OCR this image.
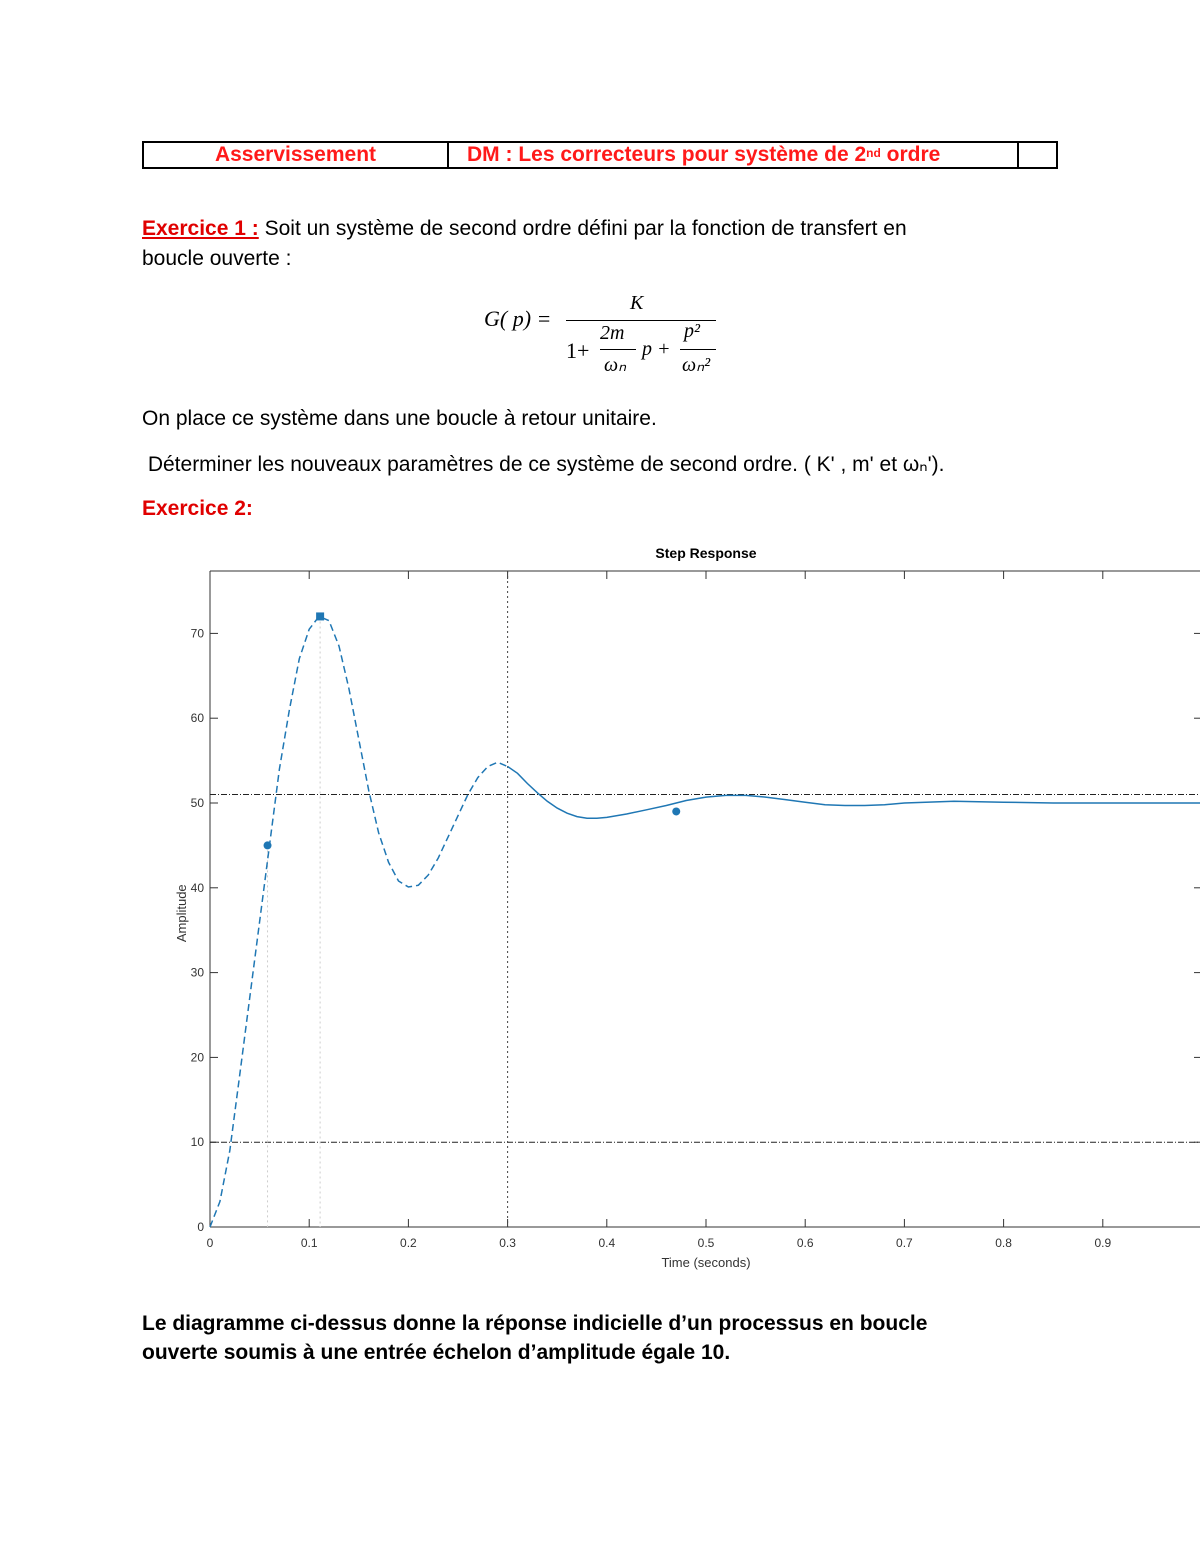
Asservissement	DM : Les correcteurs pour système de 2nd ordre
Exercice 1 : Soit un système de second ordre défini par la fonction de transfert en
boucle ouverte :
G( p) =
K
1+
2m
ωₙ
p +
p²
ωₙ²
On place ce système dans une boucle à retour unitaire.
Déterminer les nouveaux paramètres de ce système de second ordre. ( K' , m' et ωₙ').
Exercice 2:
Step Response
0	0.1	0.2	0.3	0.4	0.5	0.6	0.7	0.8	0.9
0
10
20
30
40
50
60
70
Time (seconds)
Amplitude
Le diagramme ci-dessus donne la réponse indicielle d’un processus en boucle
ouverte soumis à une entrée échelon d’amplitude égale 10.
